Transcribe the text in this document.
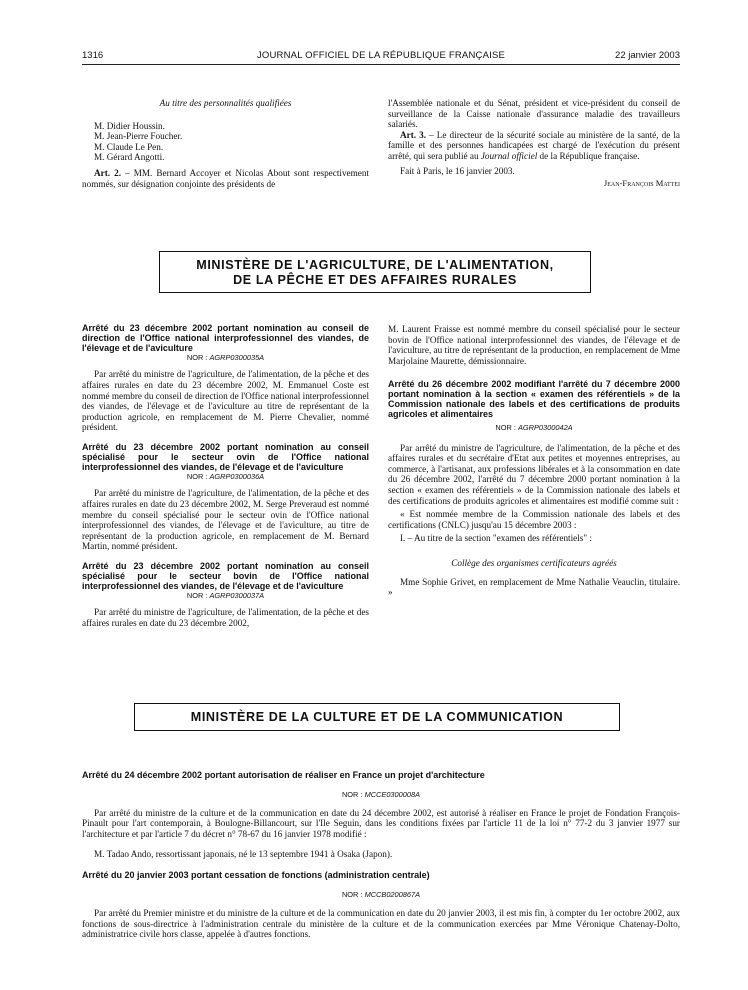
1316	JOURNAL OFFICIEL DE LA RÉPUBLIQUE FRANÇAISE	22 janvier 2003

Au titre des personnalités qualifiées

M. Didier Houssin.

M. Jean-Pierre Foucher.

M. Claude Le Pen.

M. Gérard Angotti.

Art. 2. – MM. Bernard Accoyer et Nicolas About sont respectivement nommés, sur désignation conjointe des présidents de

l'Assemblée nationale et du Sénat, président et vice-président du conseil de surveillance de la Caisse nationale d'assurance maladie des travailleurs salariés.

Art. 3. – Le directeur de la sécurité sociale au ministère de la santé, de la famille et des personnes handicapées est chargé de l'exécution du présent arrêté, qui sera publié au Journal officiel de la République française.

Fait à Paris, le 16 janvier 2003.

Jean-François Mattei

MINISTÈRE DE L'AGRICULTURE, DE L'ALIMENTATION,
DE LA PÊCHE ET DES AFFAIRES RURALES

Arrêté du 23 décembre 2002 portant nomination au conseil de direction de l'Office national interprofessionnel des viandes, de l'élevage et de l'aviculture

NOR : AGRP0300035A

Par arrêté du ministre de l'agriculture, de l'alimentation, de la pêche et des affaires rurales en date du 23 décembre 2002, M. Emmanuel Coste est nommé membre du conseil de direction de l'Office national interprofessionnel des viandes, de l'élevage et de l'aviculture au titre de représentant de la production agricole, en remplacement de M. Pierre Chevalier, nommé président.

Arrêté du 23 décembre 2002 portant nomination au conseil spécialisé pour le secteur ovin de l'Office national interprofessionnel des viandes, de l'élevage et de l'aviculture

NOR : AGRP0300036A

Par arrêté du ministre de l'agriculture, de l'alimentation, de la pêche et des affaires rurales en date du 23 décembre 2002, M. Serge Preveraud est nommé membre du conseil spécialisé pour le secteur ovin de l'Office national interprofessionnel des viandes, de l'élevage et de l'aviculture, au titre de représentant de la production agricole, en remplacement de M. Bernard Martin, nommé président.

Arrêté du 23 décembre 2002 portant nomination au conseil spécialisé pour le secteur bovin de l'Office national interprofessionnel des viandes, de l'élevage et de l'aviculture

NOR : AGRP0300037A

Par arrêté du ministre de l'agriculture, de l'alimentation, de la pêche et des affaires rurales en date du 23 décembre 2002,

M. Laurent Fraisse est nommé membre du conseil spécialisé pour le secteur bovin de l'Office national interprofessionnel des viandes, de l'élevage et de l'aviculture, au titre de représentant de la production, en remplacement de Mme Marjolaine Maurette, démissionnaire.

Arrêté du 26 décembre 2002 modifiant l'arrêté du 7 décembre 2000 portant nomination à la section « examen des référentiels » de la Commission nationale des labels et des certifications de produits agricoles et alimentaires

NOR : AGRP0300042A

Par arrêté du ministre de l'agriculture, de l'alimentation, de la pêche et des affaires rurales et du secrétaire d'Etat aux petites et moyennes entreprises, au commerce, à l'artisanat, aux professions libérales et à la consommation en date du 26 décembre 2002, l'arrêté du 7 décembre 2000 portant nomination à la section « examen des référentiels » de la Commission nationale des labels et des certifications de produits agricoles et alimentaires est modifié comme suit :

« Est nommée membre de la Commission nationale des labels et des certifications (CNLC) jusqu'au 15 décembre 2003 :

I. – Au titre de la section "examen des référentiels" :

Collège des organismes certificateurs agréés

Mme Sophie Grivet, en remplacement de Mme Nathalie Veauclin, titulaire. »

MINISTÈRE DE LA CULTURE ET DE LA COMMUNICATION

Arrêté du 24 décembre 2002 portant autorisation de réaliser en France un projet d'architecture

NOR : MCCE0300008A

Par arrêté du ministre de la culture et de la communication en date du 24 décembre 2002, est autorisé à réaliser en France le projet de Fondation François-Pinault pour l'art contemporain, à Boulogne-Billancourt, sur l'Ile Seguin, dans les conditions fixées par l'article 11 de la loi n° 77-2 du 3 janvier 1977 sur l'architecture et par l'article 7 du décret n° 78-67 du 16 janvier 1978 modifié :

M. Tadao Ando, ressortissant japonais, né le 13 septembre 1941 à Osaka (Japon).

Arrêté du 20 janvier 2003 portant cessation de fonctions (administration centrale)

NOR : MCCB0200867A

Par arrêté du Premier ministre et du ministre de la culture et de la communication en date du 20 janvier 2003, il est mis fin, à compter du 1er octobre 2002, aux fonctions de sous-directrice à l'administration centrale du ministère de la culture et de la communication exercées par Mme Véronique Chatenay-Dolto, administratrice civile hors classe, appelée à d'autres fonctions.
